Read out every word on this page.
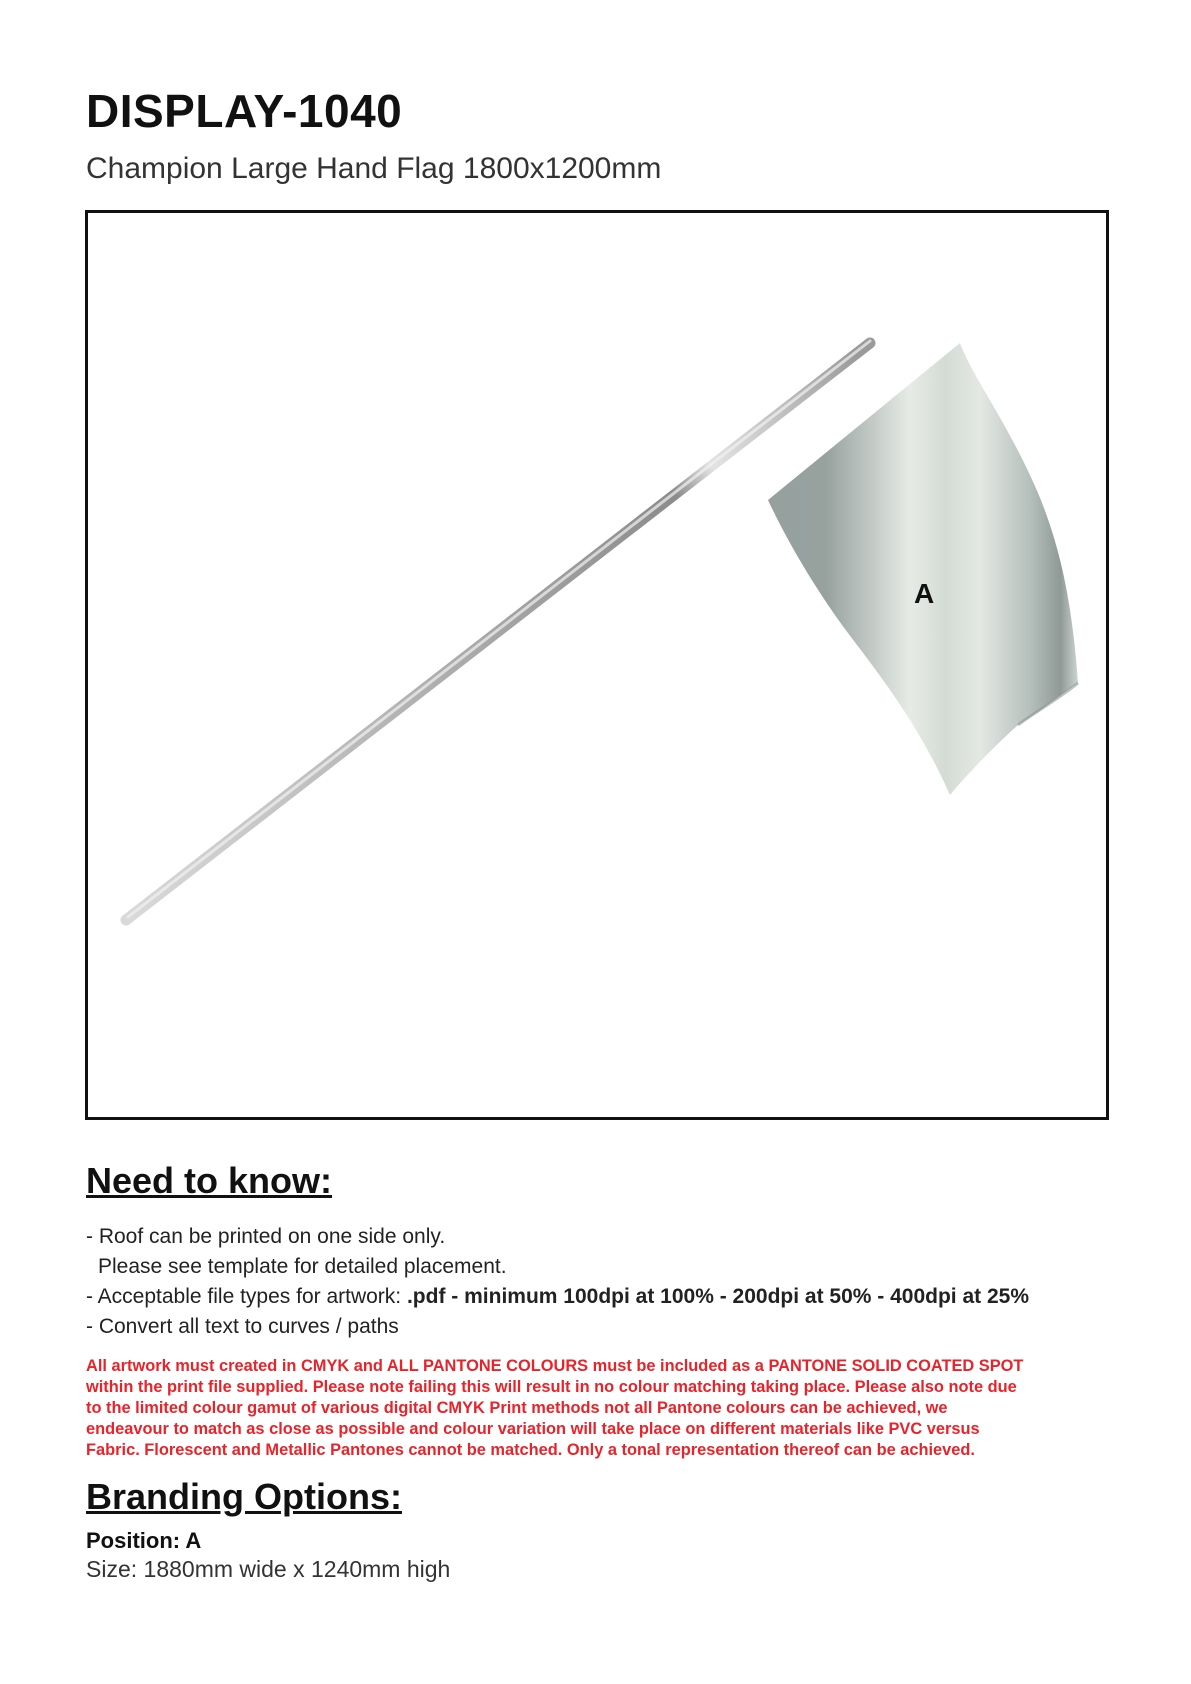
DISPLAY-1040
Champion Large Hand Flag 1800x1200mm
A
Need to know:
- Roof can be printed on one side only.
Please see template for detailed placement.
- Acceptable file types for artwork: .pdf - minimum 100dpi at 100% - 200dpi at 50% - 400dpi at 25%
- Convert all text to curves / paths
All artwork must created in CMYK and ALL PANTONE COLOURS must be included as a PANTONE SOLID COATED SPOT
within the print file supplied. Please note failing this will result in no colour matching taking place. Please also note due
to the limited colour gamut of various digital CMYK Print methods not all Pantone colours can be achieved, we
endeavour to match as close as possible and colour variation will take place on different materials like PVC versus
Fabric. Florescent and Metallic Pantones cannot be matched. Only a tonal representation thereof can be achieved.
Branding Options:
Position: A
Size: 1880mm wide x 1240mm high
